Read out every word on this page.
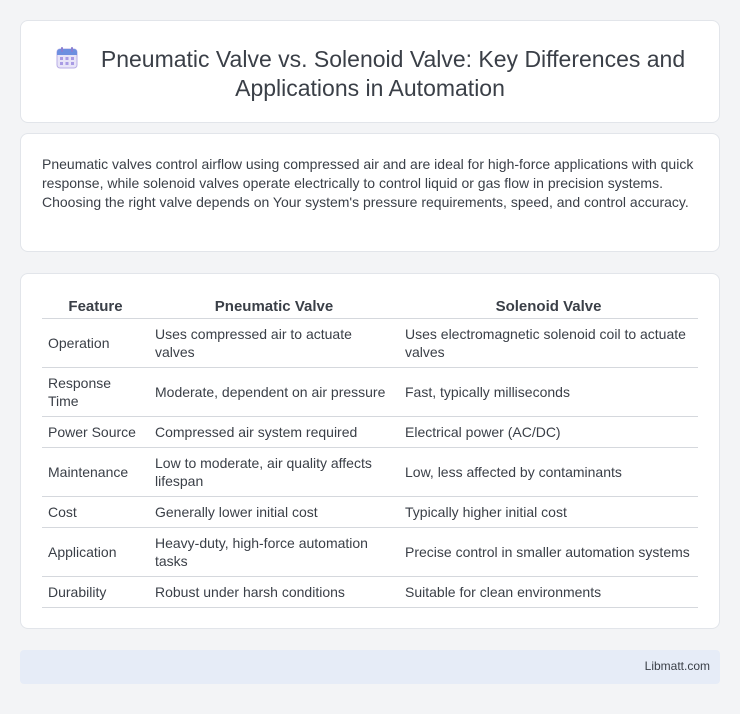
Pneumatic Valve vs. Solenoid Valve: Key Differences and Applications in Automation

Pneumatic valves control airflow using compressed air and are ideal for high-force applications with quick response, while solenoid valves operate electrically to control liquid or gas flow in precision systems. Choosing the right valve depends on Your system's pressure requirements, speed, and control accuracy.

Feature	Pneumatic Valve	Solenoid Valve
Operation	Uses compressed air to actuate valves	Uses electromagnetic solenoid coil to actuate valves
Response Time	Moderate, dependent on air pressure	Fast, typically milliseconds
Power Source	Compressed air system required	Electrical power (AC/DC)
Maintenance	Low to moderate, air quality affects lifespan	Low, less affected by contaminants
Cost	Generally lower initial cost	Typically higher initial cost
Application	Heavy-duty, high-force automation tasks	Precise control in smaller automation systems
Durability	Robust under harsh conditions	Suitable for clean environments
Libmatt.com
